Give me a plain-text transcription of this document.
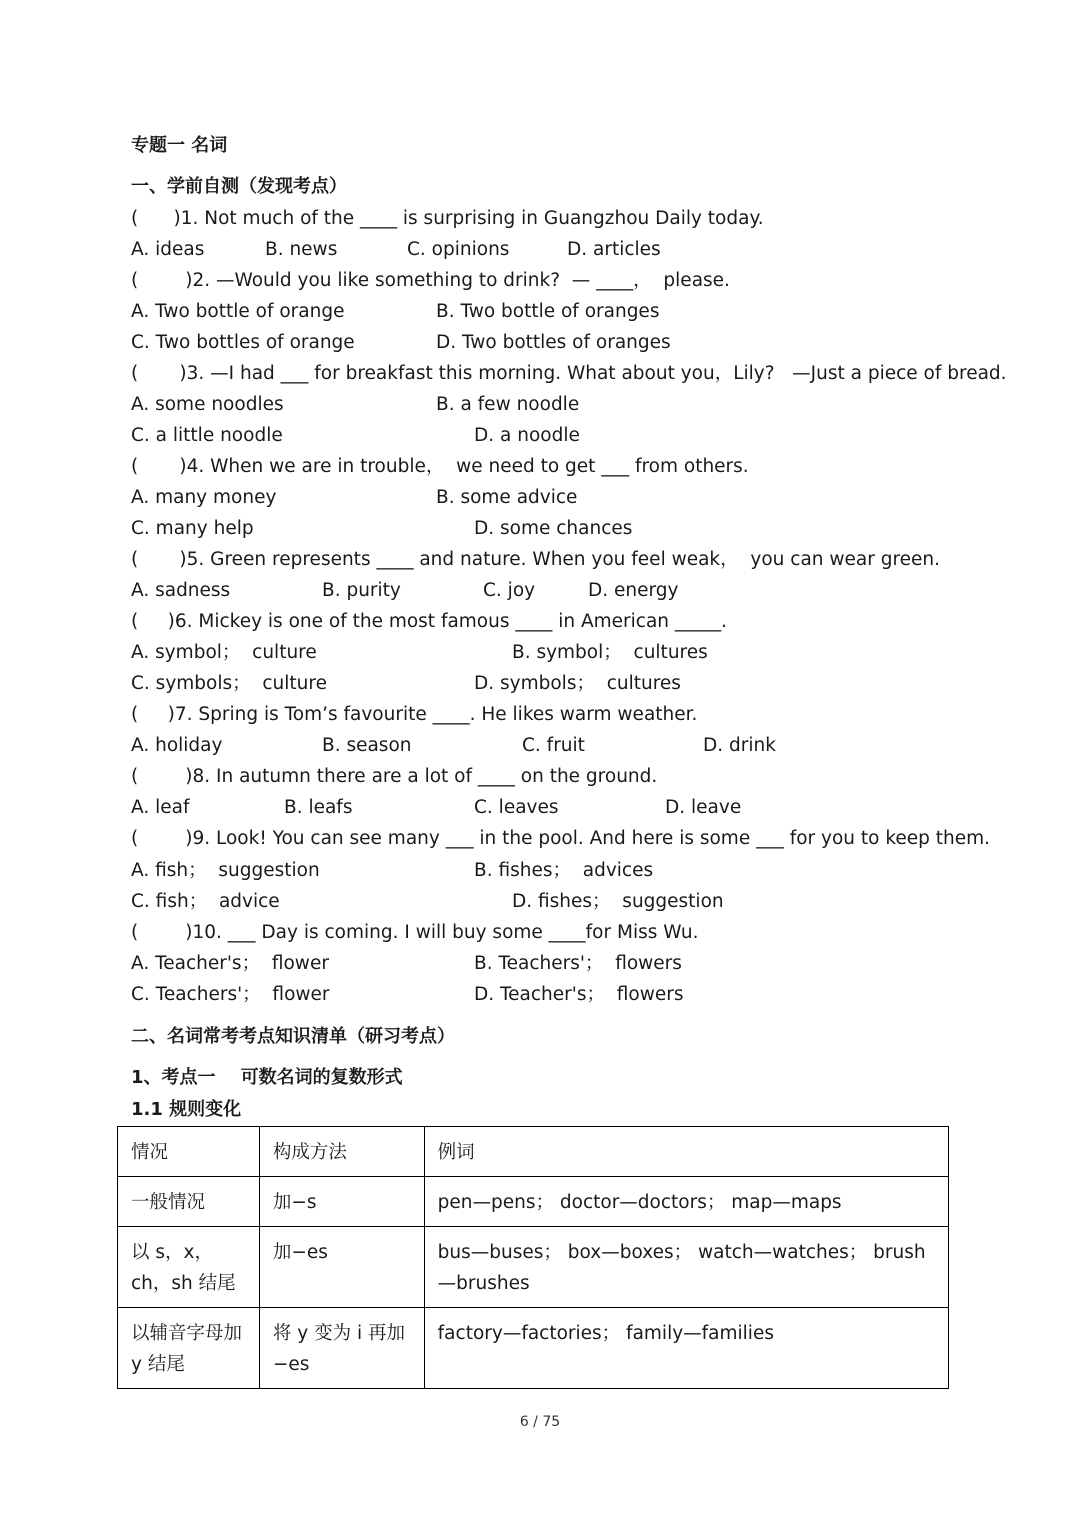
专题一 名词
一、学前自测（发现考点）
(      )1. Not much of the ____ is surprising in Guangzhou Daily today.
A. ideas	B. news	C. opinions	D. articles
(        )2. —Would you like something to drink?  — ____，  please.
A. Two bottle of orange	B. Two bottle of oranges
C. Two bottles of orange	D. Two bottles of oranges
(       )3. —I had ___ for breakfast this morning. What about you，Lily?   —Just a piece of bread.
A. some noodles	B. a few noodle
C. a little noodle	D. a noodle
(       )4. When we are in trouble，  we need to get ___ from others.
A. many money	B. some advice
C. many help	D. some chances
(       )5. Green represents ____ and nature. When you feel weak，  you can wear green.
A. sadness	B. purity	C. joy	D. energy
(     )6. Mickey is one of the most famous ____ in American _____.
A. symbol；  culture	B. symbol；  cultures
C. symbols；  culture	D. symbols；  cultures
(     )7. Spring is Tom’s favourite ____. He likes warm weather.
A. holiday	B. season	C. fruit	D. drink
(        )8. In autumn there are a lot of ____ on the ground.
A. leaf	B. leafs	C. leaves	D. leave
(        )9. Look! You can see many ___ in the pool. And here is some ___ for you to keep them.
A. fish；  suggestion	B. fishes；  advices
C. fish；  advice	D. fishes；  suggestion
(        )10. ___ Day is coming. I will buy some ____for Miss Wu.
A. Teacher's；  flower	B. Teachers'；  flowers
C. Teachers'；  flower	D. Teacher's；  flowers
二、名词常考考点知识清单（研习考点）
1、考点一    可数名词的复数形式
1.1 规则变化
情况	构成方法	例词
一般情况	加−s	pen—pens； doctor—doctors； map—maps
以 s，x，ch，sh 结尾	加−es	bus—buses； box—boxes； watch—watches； brush—brushes
以辅音字母加 y 结尾	将 y 变为 i 再加−es	factory—factories； family—families
6 / 75
